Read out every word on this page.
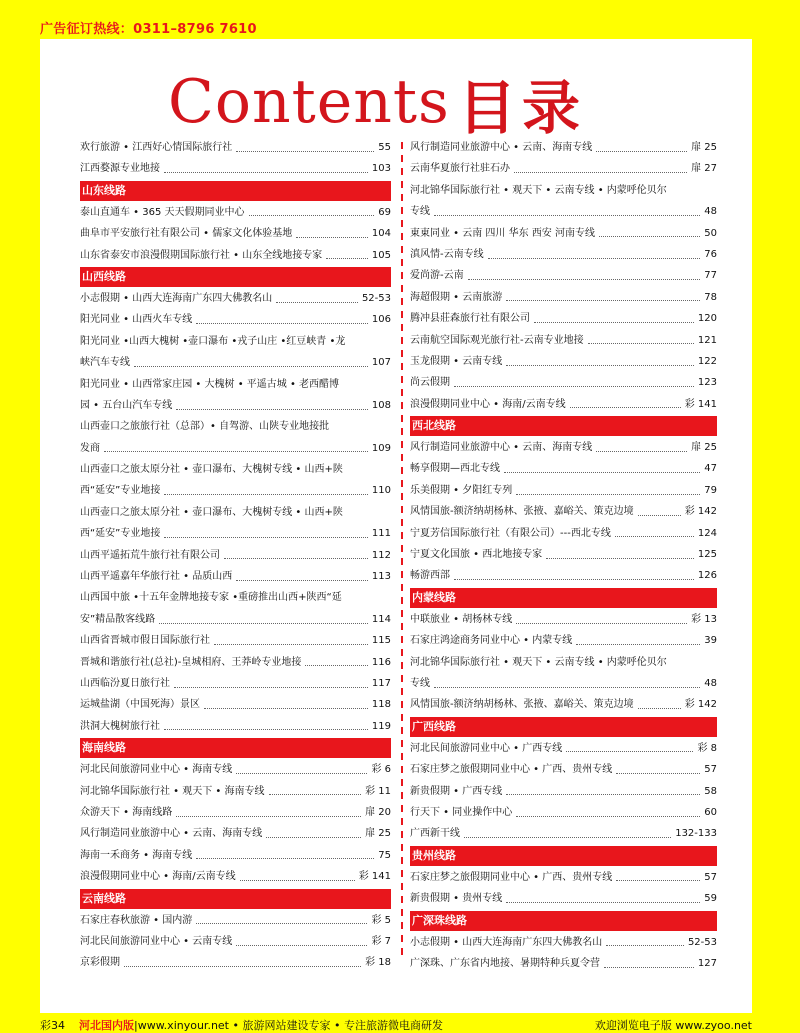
广告征订热线：0311–8796 7610
Contents 目录
欢行旅游 • 江西好心情国际旅行社	55
江西婺源专业地接	103
山东线路
泰山直通车 • 365 天天假期同业中心	69
曲阜市平安旅行社有限公司 • 儒家文化体验基地	104
山东省泰安市浪漫假期国际旅行社 • 山东全线地接专家	105
山西线路
小志假期 • 山西大连海南广东四大佛教名山	52-53
阳光同业 • 山西火车专线	106
阳光同业 •山西大槐树 •壶口瀑布 •戎子山庄 •红豆峡青 •龙
峡汽车专线	107
阳光同业 • 山西常家庄园 • 大槐树 • 平遥古城 • 老西醋博
园 • 五台山汽车专线	108
山西壶口之旅旅行社（总部）• 自驾游、山陕专业地接批
发商	109
山西壶口之旅太原分社 • 壶口瀑布、大槐树专线 • 山西+陕
西“延安”专业地接	110
山西壶口之旅太原分社 • 壶口瀑布、大槐树专线 • 山西+陕
西“延安”专业地接	111
山西平遥拓荒牛旅行社有限公司	112
山西平遥嘉年华旅行社 • 品质山西	113
山西国中旅 •十五年金牌地接专家 •重磅推出山西+陕西“延
安”精品散客线路	114
山西省晋城市假日国际旅行社	115
晋城和谐旅行社(总社)-皇城相府、王莽岭专业地接	116
山西临汾夏日旅行社	117
运城盐湖（中国死海）景区	118
洪洞大槐树旅行社	119
海南线路
河北民间旅游同业中心 • 海南专线	彩 6
河北锦华国际旅行社 • 观天下 • 海南专线	彩 11
众游天下 • 海南线路	扉 20
风行制造同业旅游中心 • 云南、海南专线	扉 25
海南一禾商务 • 海南专线	75
浪漫假期同业中心 • 海南/云南专线	彩 141
云南线路
石家庄春秋旅游 • 国内游	彩 5
河北民间旅游同业中心 • 云南专线	彩 7
京彩假期	彩 18
风行制造同业旅游中心 • 云南、海南专线	扉 25
云南华夏旅行社驻石办	扉 27
河北锦华国际旅行社 • 观天下 • 云南专线 • 内蒙呼伦贝尔
专线	48
東東同业 • 云南 四川 华东 西安 河南专线	50
滇风情-云南专线	76
爱尚游-云南	77
海超假期 • 云南旅游	78
腾冲县莊森旅行社有限公司	120
云南航空国际观光旅行社-云南专业地接	121
玉龙假期 • 云南专线	122
尚云假期	123
浪漫假期同业中心 • 海南/云南专线	彩 141
西北线路
风行制造同业旅游中心 • 云南、海南专线	扉 25
畅享假期—西北专线	47
乐美假期 • 夕阳红专列	79
风情国旅-额济纳胡杨林、张掖、嘉峪关、策克边境	彩 142
宁夏芳信国际旅行社（有限公司）---西北专线	124
宁夏文化国旅 • 西北地接专家	125
畅游西部	126
内蒙线路
中联旅业 • 胡杨林专线	彩 13
石家庄鸿途商务同业中心 • 内蒙专线	39
河北锦华国际旅行社 • 观天下 • 云南专线 • 内蒙呼伦贝尔
专线	48
风情国旅-额济纳胡杨林、张掖、嘉峪关、策克边境	彩 142
广西线路
河北民间旅游同业中心 • 广西专线	彩 8
石家庄梦之旅假期同业中心 • 广西、贵州专线	57
新贵假期 • 广西专线	58
行天下 • 同业操作中心	60
广西新干线	132-133
贵州线路
石家庄梦之旅假期同业中心 • 广西、贵州专线	57
新贵假期 • 贵州专线	59
广深珠线路
小志假期 • 山西大连海南广东四大佛教名山	52-53
广深珠、广东省内地接、暑期特种兵夏令营	127
彩34 河北国内版|www.xinyour.net • 旅游网站建设专家 • 专注旅游微电商研发	欢迎浏览电子版 www.zyoo.net
